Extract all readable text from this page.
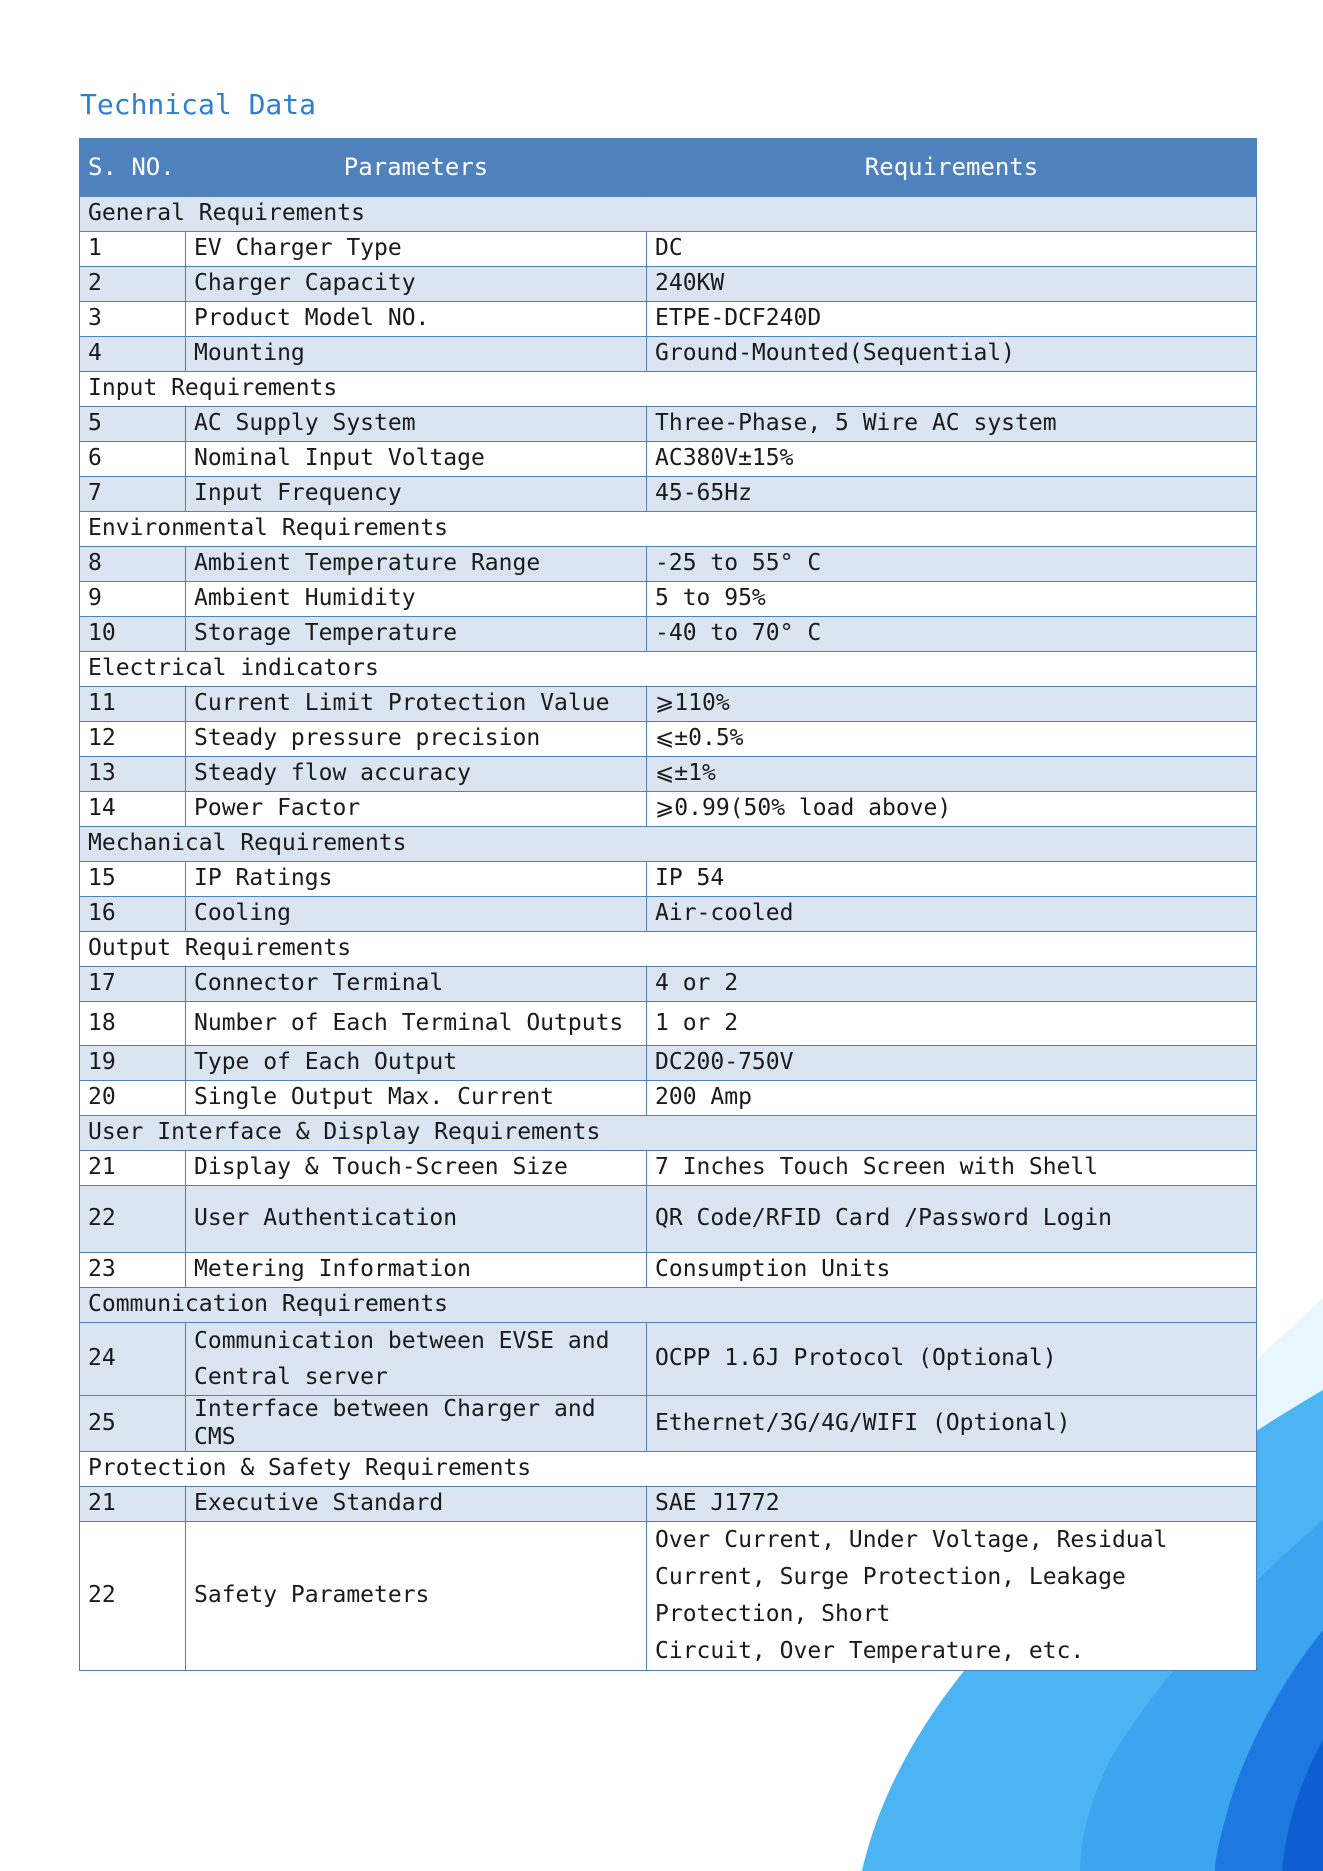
Technical Data
S. NO.	Parameters	Requirements
General Requirements		
1	EV Charger Type	DC
2	Charger Capacity	240KW
3	Product Model NO.	ETPE-DCF240D
4	Mounting	Ground-Mounted(Sequential)
Input Requirements		
5	AC Supply System	Three-Phase, 5 Wire AC system
6	Nominal Input Voltage	AC380V±15%
7	Input Frequency	45-65Hz
Environmental Requirements		
8	Ambient Temperature Range	-25 to 55° C
9	Ambient Humidity	5 to 95%
10	Storage Temperature	-40 to 70° C
Electrical indicators		
11	Current Limit Protection Value	⩾110%
12	Steady pressure precision	⩽±0.5%
13	Steady flow accuracy	⩽±1%
14	Power Factor	⩾0.99(50% load above)
Mechanical Requirements		
15	IP Ratings	IP 54
16	Cooling	Air-cooled
Output Requirements		
17	Connector Terminal	4 or 2
18	Number of Each Terminal Outputs	1 or 2
19	Type of Each Output	DC200-750V
20	Single Output Max. Current	200 Amp
User Interface & Display Requirements		
21	Display & Touch-Screen Size	7 Inches Touch Screen with Shell
22	User Authentication	QR Code/RFID Card /Password Login
23	Metering Information	Consumption Units
Communication Requirements		
24	Communication between EVSE and
Central server	OCPP 1.6J Protocol (Optional)
25	Interface between Charger and CMS	Ethernet/3G/4G/WIFI (Optional)
Protection & Safety Requirements		
21	Executive Standard	SAE J1772
22	Safety Parameters	Over Current, Under Voltage, Residual
Current, Surge Protection, Leakage
Protection, Short
Circuit, Over Temperature, etc.
